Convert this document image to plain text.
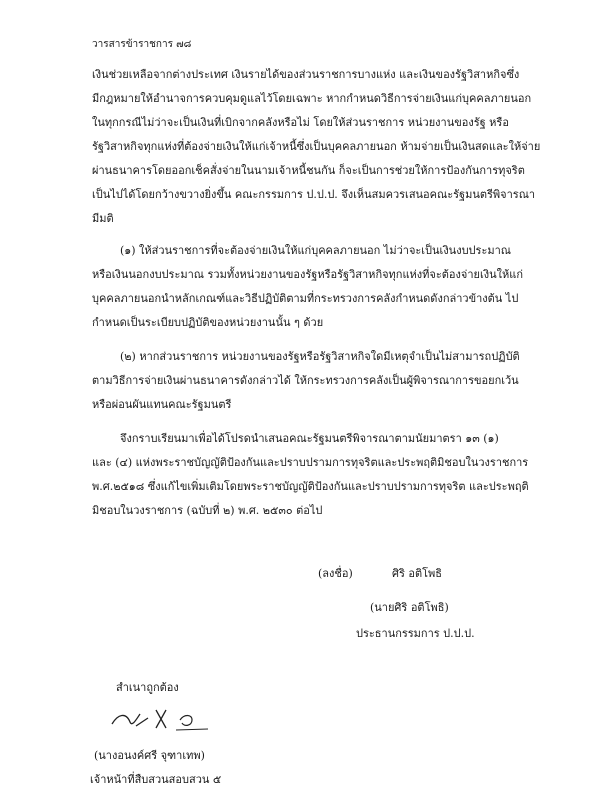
วารสารข้าราชการ ๗๘
เงินช่วยเหลือจากต่างประเทศ เงินรายได้ของส่วนราชการบางแห่ง และเงินของรัฐวิสาหกิจซึ่ง
มีกฎหมายให้อำนาจการควบคุมดูแลไว้โดยเฉพาะ หากกำหนดวิธีการจ่ายเงินแก่บุคคลภายนอก
ในทุกกรณีไม่ว่าจะเป็นเงินที่เบิกจากคลังหรือไม่ โดยให้ส่วนราชการ หน่วยงานของรัฐ หรือ
รัฐวิสาหกิจทุกแห่งที่ต้องจ่ายเงินให้แก่เจ้าหนี้ซึ่งเป็นบุคคลภายนอก ห้ามจ่ายเป็นเงินสดและให้จ่าย
ผ่านธนาคารโดยออกเช็คสั่งจ่ายในนามเจ้าหนี้ชนกัน ก็จะเป็นการช่วยให้การป้องกันการทุจริต
เป็นไปได้โดยกว้างขวางยิ่งขึ้น คณะกรรมการ ป.ป.ป. จึงเห็นสมควรเสนอคณะรัฐมนตรีพิจารณา
มีมติ
(๑) ให้ส่วนราชการที่จะต้องจ่ายเงินให้แก่บุคคลภายนอก ไม่ว่าจะเป็นเงินงบประมาณ
หรือเงินนอกงบประมาณ รวมทั้งหน่วยงานของรัฐหรือรัฐวิสาหกิจทุกแห่งที่จะต้องจ่ายเงินให้แก่
บุคคลภายนอกนำหลักเกณฑ์และวิธีปฏิบัติตามที่กระทรวงการคลังกำหนดดังกล่าวข้างต้น ไป
กำหนดเป็นระเบียบปฏิบัติของหน่วยงานนั้น ๆ ด้วย
(๒) หากส่วนราชการ หน่วยงานของรัฐหรือรัฐวิสาหกิจใดมีเหตุจำเป็นไม่สามารถปฏิบัติ
ตามวิธีการจ่ายเงินผ่านธนาคารดังกล่าวได้ ให้กระทรวงการคลังเป็นผู้พิจารณาการขอยกเว้น
หรือผ่อนผันแทนคณะรัฐมนตรี
จึงกราบเรียนมาเพื่อได้โปรดนำเสนอคณะรัฐมนตรีพิจารณาตามนัยมาตรา ๑๓ (๑)
และ (๔) แห่งพระราชบัญญัติป้องกันและปราบปรามการทุจริตและประพฤติมิชอบในวงราชการ
พ.ศ.๒๕๑๘ ซึ่งแก้ไขเพิ่มเติมโดยพระราชบัญญัติป้องกันและปราบปรามการทุจริต และประพฤติ
มิชอบในวงราชการ (ฉบับที่ ๒) พ.ศ. ๒๕๓๐ ต่อไป
(ลงชื่อ)	ศิริ อติโพธิ
(นายศิริ อติโพธิ)
ประธานกรรมการ ป.ป.ป.
สำเนาถูกต้อง
(นางอนงค์ศรี จุฑาเทพ)
เจ้าหน้าที่สืบสวนสอบสวน ๕
